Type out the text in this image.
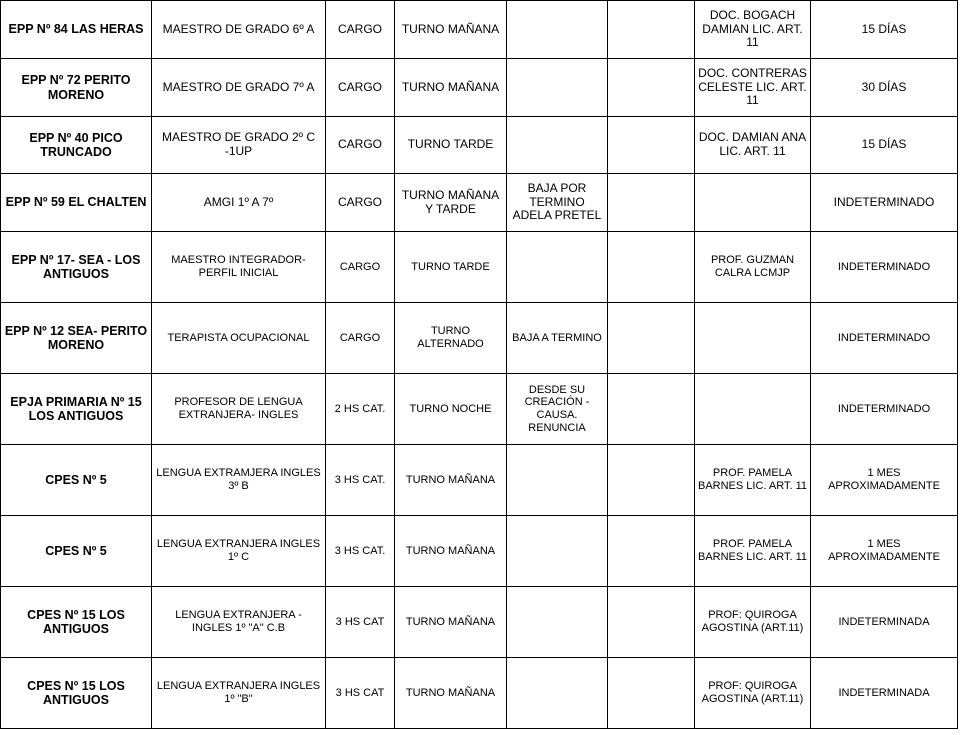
EPP Nº 84 LAS HERAS	MAESTRO DE GRADO 6º A	CARGO	TURNO MAÑANA			DOC. BOGACH DAMIAN LIC. ART. 11	15 DÍAS
EPP Nº 72 PERITO MORENO	MAESTRO DE GRADO 7º A	CARGO	TURNO MAÑANA			DOC. CONTRERAS CELESTE LIC. ART. 11	30 DÍAS
EPP Nº 40 PICO TRUNCADO	MAESTRO DE GRADO 2º C -1UP	CARGO	TURNO TARDE			DOC. DAMIAN ANA LIC. ART. 11	15 DÍAS
EPP Nº 59 EL CHALTEN	AMGI 1º A 7º	CARGO	TURNO MAÑANA Y TARDE	BAJA POR TERMINO ADELA PRETEL			INDETERMINADO
EPP Nº 17- SEA - LOS ANTIGUOS	MAESTRO INTEGRADOR- PERFIL INICIAL	CARGO	TURNO TARDE			PROF. GUZMAN CALRA LCMJP	INDETERMINADO
EPP Nº 12 SEA- PERITO MORENO	TERAPISTA OCUPACIONAL	CARGO	TURNO ALTERNADO	BAJA A TERMINO			INDETERMINADO
EPJA PRIMARIA Nº 15 LOS ANTIGUOS	PROFESOR DE LENGUA EXTRANJERA- INGLES	2 HS CAT.	TURNO NOCHE	DESDE SU CREACIÓN - CAUSA. RENUNCIA			INDETERMINADO
CPES Nº 5	LENGUA EXTRAMJERA INGLES 3º B	3 HS CAT.	TURNO MAÑANA			PROF. PAMELA BARNES LIC. ART. 11	1 MES APROXIMADAMENTE
CPES Nº 5	LENGUA EXTRANJERA INGLES 1º C	3 HS CAT.	TURNO MAÑANA			PROF. PAMELA BARNES LIC. ART. 11	1 MES APROXIMADAMENTE
CPES Nº 15 LOS ANTIGUOS	LENGUA EXTRANJERA - INGLES 1º "A" C.B	3 HS CAT	TURNO MAÑANA			PROF: QUIROGA AGOSTINA (ART.11)	INDETERMINADA
CPES Nº 15 LOS ANTIGUOS	LENGUA EXTRANJERA INGLES 1º "B"	3 HS CAT	TURNO MAÑANA			PROF: QUIROGA AGOSTINA (ART.11)	INDETERMINADA
